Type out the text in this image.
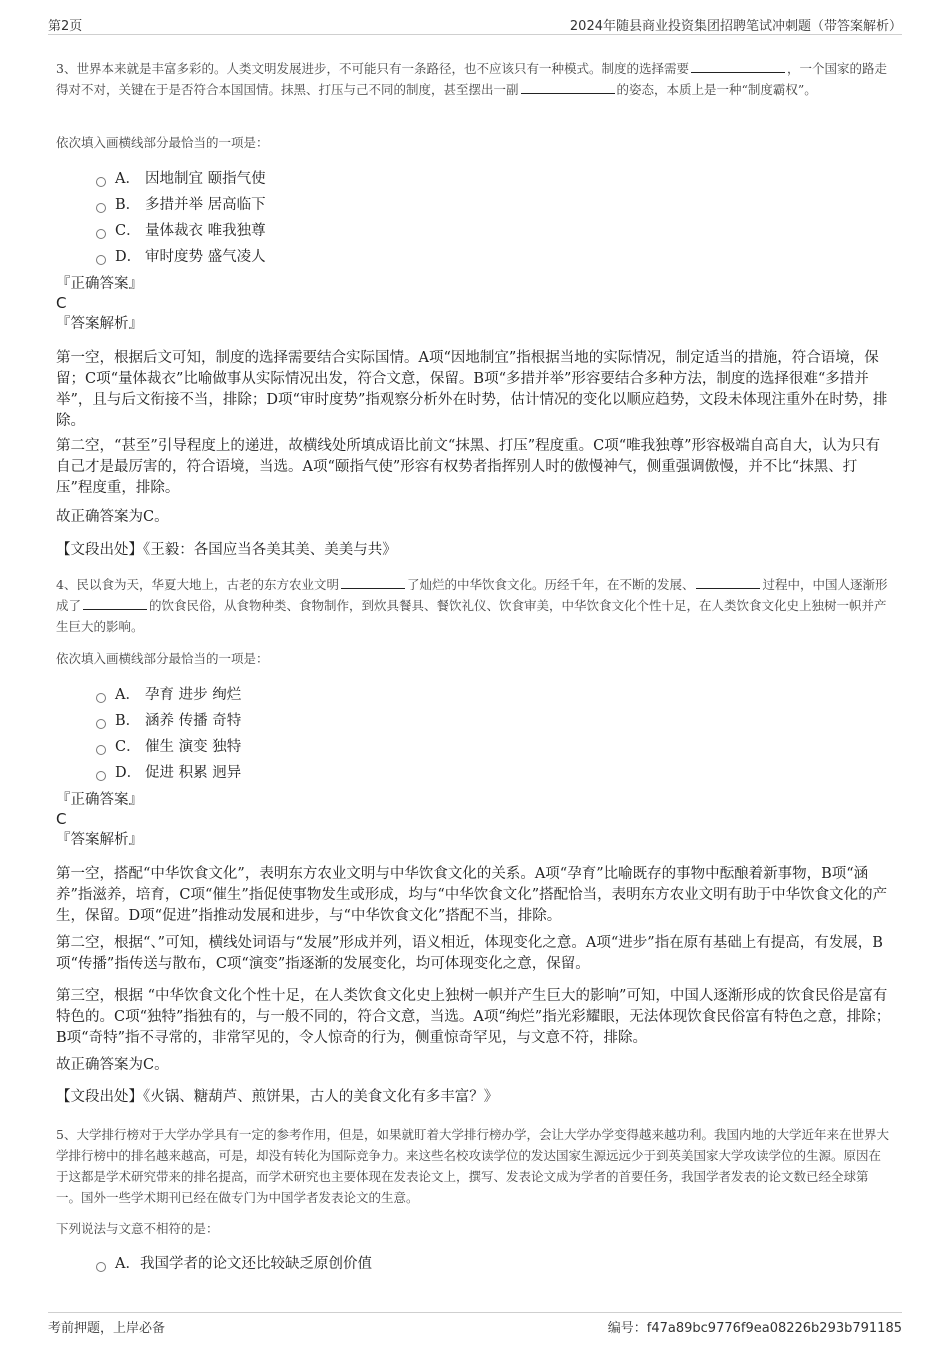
第2页	2024年随县商业投资集团招聘笔试冲刺题（带答案解析）
3、世界本来就是丰富多彩的。人类文明发展进步，不可能只有一条路径，也不应该只有一种模式。制度的选择需要	，一个国家的路走得对不对，关键在于是否符合本国国情。抹黑、打压与己不同的制度，甚至摆出一副	的姿态，本质上是一种“制度霸权”。
依次填入画横线部分最恰当的一项是：
A． 因地制宜 颐指气使
B． 多措并举 居高临下
C． 量体裁衣 唯我独尊
D． 审时度势 盛气凌人
『正确答案』
C
『答案解析』
第一空，根据后文可知，制度的选择需要结合实际国情。A项“因地制宜”指根据当地的实际情况，制定适当的措施，符合语境，保留；C项“量体裁衣”比喻做事从实际情况出发，符合文意，保留。B项“多措并举”形容要结合多种方法，制度的选择很难“多措并举”，且与后文衔接不当，排除；D项“审时度势”指观察分析外在时势，估计情况的变化以顺应趋势，文段未体现注重外在时势，排除。
第二空，“甚至”引导程度上的递进，故横线处所填成语比前文“抹黑、打压”程度重。C项“唯我独尊”形容极端自高自大，认为只有自己才是最厉害的，符合语境，当选。A项“颐指气使”形容有权势者指挥别人时的傲慢神气，侧重强调傲慢，并不比“抹黑、打压”程度重，排除。
故正确答案为C。
【文段出处】《王毅：各国应当各美其美、美美与共》
4、民以食为天，华夏大地上，古老的东方农业文明	了灿烂的中华饮食文化。历经千年，在不断的发展、	过程中，中国人逐渐形成了	的饮食民俗，从食物种类、食物制作，到炊具餐具、餐饮礼仪、饮食审美，中华饮食文化个性十足，在人类饮食文化史上独树一帜并产生巨大的影响。
依次填入画横线部分最恰当的一项是：
A． 孕育 进步 绚烂
B． 涵养 传播 奇特
C． 催生 演变 独特
D． 促进 积累 迥异
『正确答案』
C
『答案解析』
第一空，搭配“中华饮食文化”，表明东方农业文明与中华饮食文化的关系。A项“孕育”比喻既存的事物中酝酿着新事物，B项“涵养”指滋养，培育，C项“催生”指促使事物发生或形成，均与“中华饮食文化”搭配恰当，表明东方农业文明有助于中华饮食文化的产生，保留。D项“促进”指推动发展和进步，与“中华饮食文化”搭配不当，排除。
第二空，根据“、”可知，横线处词语与“发展”形成并列，语义相近，体现变化之意。A项“进步”指在原有基础上有提高，有发展，B项“传播”指传送与散布，C项“演变”指逐渐的发展变化，均可体现变化之意，保留。
第三空，根据 “中华饮食文化个性十足，在人类饮食文化史上独树一帜并产生巨大的影响”可知，中国人逐渐形成的饮食民俗是富有特色的。C项“独特”指独有的，与一般不同的，符合文意，当选。A项“绚烂”指光彩耀眼，无法体现饮食民俗富有特色之意，排除；B项“奇特”指不寻常的，非常罕见的，令人惊奇的行为，侧重惊奇罕见，与文意不符，排除。
故正确答案为C。
【文段出处】《火锅、糖葫芦、煎饼果，古人的美食文化有多丰富？》
5、大学排行榜对于大学办学具有一定的参考作用，但是，如果就盯着大学排行榜办学，会让大学办学变得越来越功利。我国内地的大学近年来在世界大学排行榜中的排名越来越高，可是，却没有转化为国际竞争力。来这些名校攻读学位的发达国家生源远远少于到英美国家大学攻读学位的生源。原因在于这都是学术研究带来的排名提高，而学术研究也主要体现在发表论文上，撰写、发表论文成为学者的首要任务，我国学者发表的论文数已经全球第一。国外一些学术期刊已经在做专门为中国学者发表论文的生意。
下列说法与文意不相符的是：
A． 我国学者的论文还比较缺乏原创价值
考前押题，上岸必备	编号：f47a89bc9776f9ea08226b293b791185
